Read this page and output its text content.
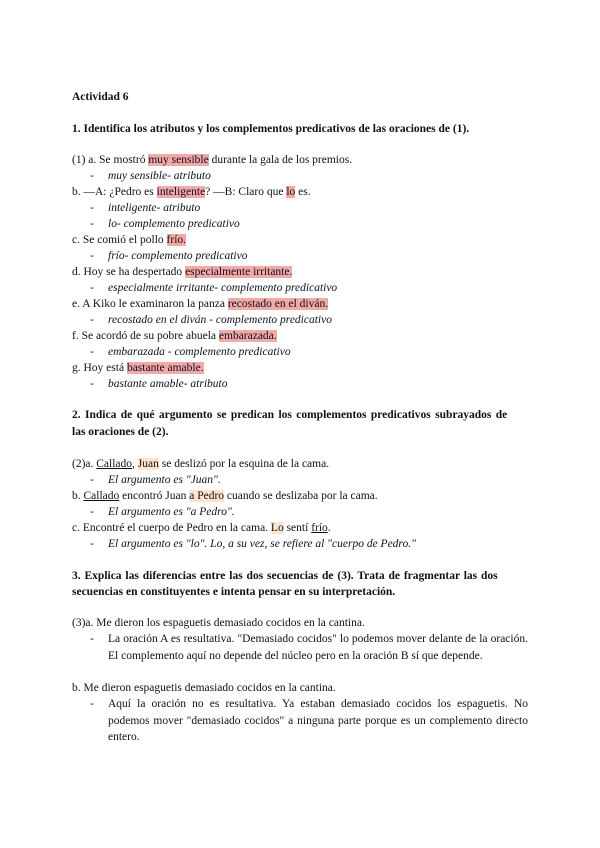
Actividad 6
1. Identifica los atributos y los complementos predicativos de las oraciones de (1).
(1) a. Se mostró muy sensible durante la gala de los premios.
- muy sensible- atributo
b. —A: ¿Pedro es inteligente? —B: Claro que lo es.
- inteligente- atributo
- lo- complemento predicativo
c. Se comió el pollo frío.
- frío- complemento predicativo
d. Hoy se ha despertado especialmente irritante.
- especialmente irritante- complemento predicativo
e. A Kiko le examinaron la panza recostado en el diván.
- recostado en el diván - complemento predicativo
f. Se acordó de su pobre abuela embarazada.
- embarazada - complemento predicativo
g. Hoy está bastante amable.
- bastante amable- atributo
2. Indica de qué argumento se predican los complementos predicativos subrayados de
las oraciones de (2).
(2)a. Callado, Juan se deslizó por la esquina de la cama.
- El argumento es "Juan".
b. Callado encontró Juan a Pedro cuando se deslizaba por la cama.
- El argumento es "a Pedro".
c. Encontré el cuerpo de Pedro en la cama. Lo sentí frío.
- El argumento es "lo". Lo, a su vez, se refiere al "cuerpo de Pedro."
3. Explica las diferencias entre las dos secuencias de (3). Trata de fragmentar las dos
secuencias en constituyentes e intenta pensar en su interpretación.
(3)a. Me dieron los espaguetis demasiado cocidos en la cantina.
- La oración A es resultativa. "Demasiado cocidos" lo podemos mover delante de la oración. El complemento aquí no depende del núcleo pero en la oración B sí que depende.
b. Me dieron espaguetis demasiado cocidos en la cantina.
- Aquí la oración no es resultativa. Ya estaban demasiado cocidos los espaguetis. No podemos mover "demasiado cocidos" a ninguna parte porque es un complemento directo entero.
